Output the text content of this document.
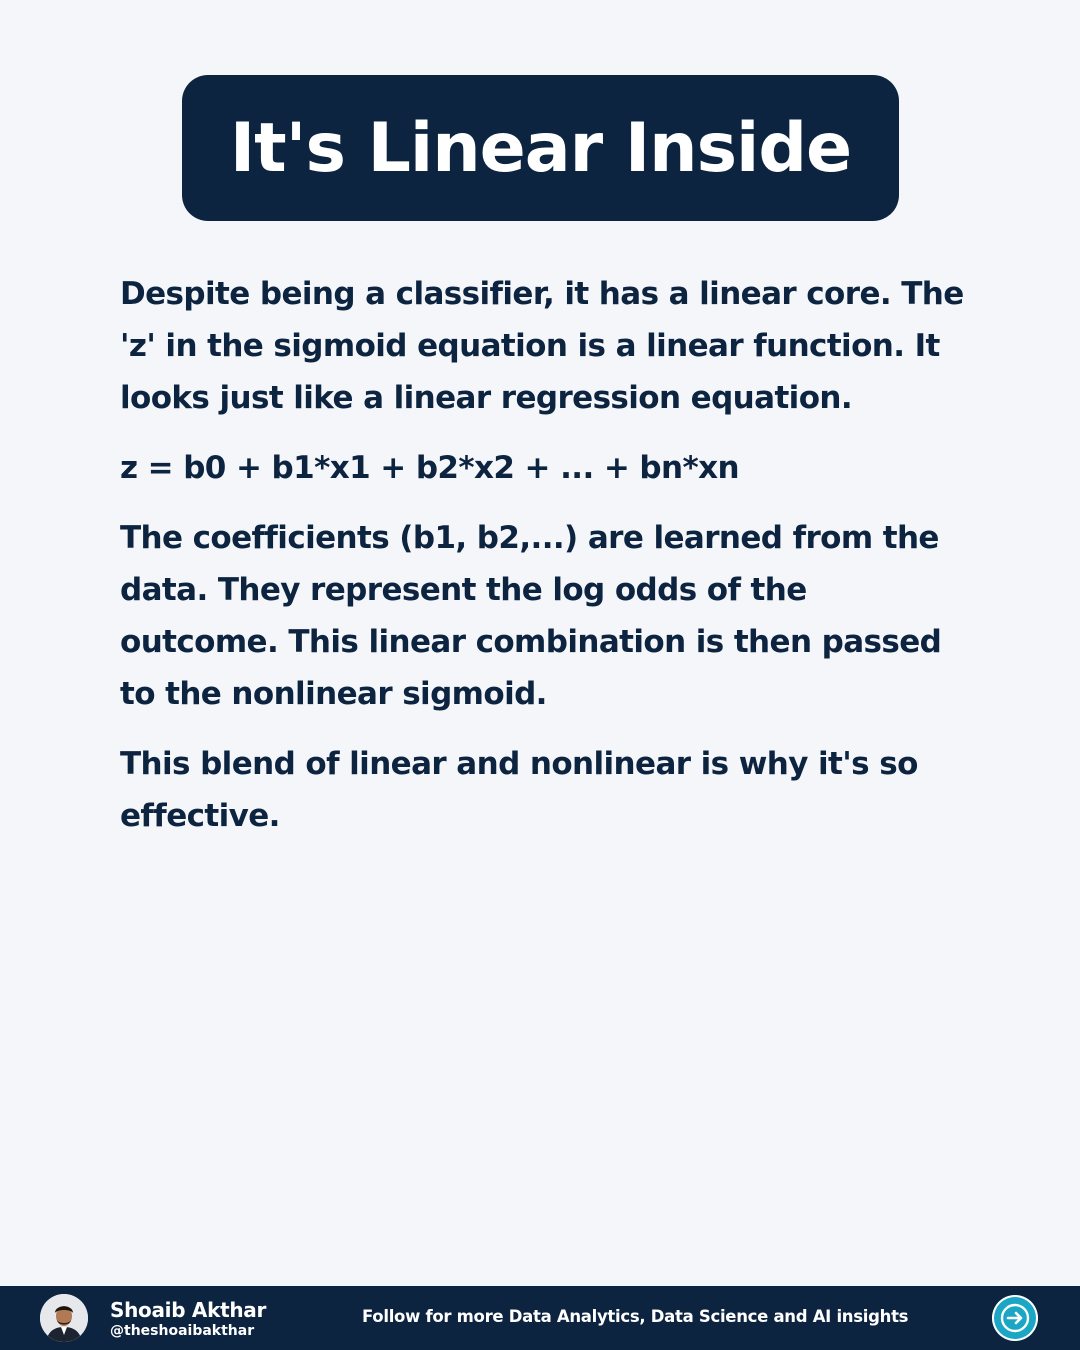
It's Linear Inside

Despite being a classifier, it has a linear core. The 'z' in the sigmoid equation is a linear function. It looks just like a linear regression equation.

z = b0 + b1*x1 + b2*x2 + ... + bn*xn

The coefficients (b1, b2,...) are learned from the data. They represent the log odds of the outcome. This linear combination is then passed to the nonlinear sigmoid.

This blend of linear and nonlinear is why it's so effective.

Shoaib Akthar
@theshoaibakthar
Follow for more Data Analytics, Data Science and AI insights
